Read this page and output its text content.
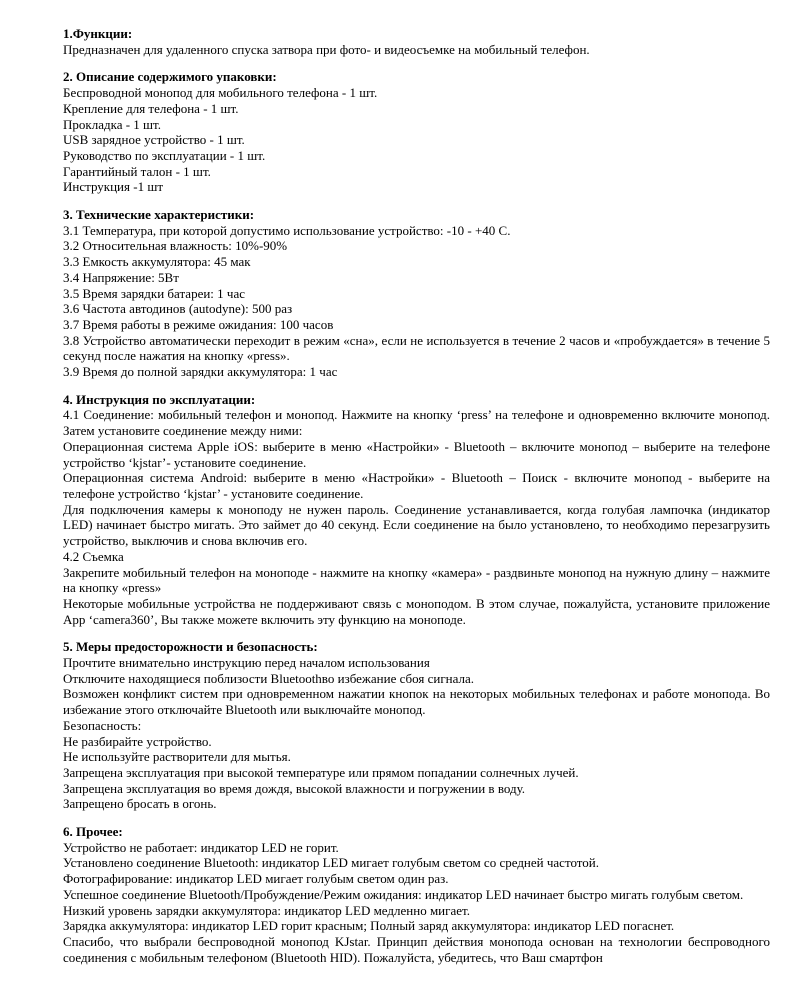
1.Функции:

Предназначен для удаленного спуска затвора при фото- и видеосъемке на мобильный телефон.

2. Описание содержимого упаковки:

Беспроводной монопод для мобильного телефона - 1 шт.

Крепление для телефона - 1 шт.

Прокладка - 1 шт.

USB зарядное устройство - 1 шт.

Руководство по эксплуатации - 1 шт.

Гарантийный талон - 1 шт.

Инструкция -1 шт

3. Технические характеристики:

3.1 Температура, при которой допустимо использование устройство: -10 - +40 С.

3.2 Относительная влажность: 10%-90%

3.3 Емкость аккумулятора: 45 мак

3.4 Напряжение: 5Вт

3.5 Время зарядки батареи: 1 час

3.6 Частота автодинов (autodyne): 500 раз

3.7 Время работы в режиме ожидания: 100 часов

3.8 Устройство автоматически переходит в режим «сна», если не используется в течение 2 часов и «пробуждается» в течение 5 секунд после нажатия на кнопку «press».

3.9 Время до полной зарядки аккумулятора: 1 час

4. Инструкция по эксплуатации:

4.1 Соединение: мобильный телефон и монопод. Нажмите на кнопку ‘press’ на телефоне и одновременно включите монопод. Затем установите соединение между ними:

Операционная система Apple iOS: выберите в меню «Настройки» - Bluetooth – включите монопод – выберите на телефоне устройство ‘kjstar’- установите соединение.

Операционная система Android: выберите в меню «Настройки» - Bluetooth – Поиск - включите монопод - выберите на телефоне устройство ‘kjstar’ - установите соединение.

Для подключения камеры к моноподу не нужен пароль. Соединение устанавливается, когда голубая лампочка (индикатор LED) начинает быстро мигать. Это займет до 40 секунд. Если соединение на было установлено, то необходимо перезагрузить устройство, выключив и снова включив его.

4.2 Съемка

Закрепите мобильный телефон на моноподе - нажмите на кнопку «камера» - раздвиньте монопод на нужную длину – нажмите на кнопку «press»

Некоторые мобильные устройства не поддерживают связь с моноподом. В этом случае, пожалуйста, установите приложение App ‘camera360’, Вы также можете включить эту функцию на моноподе.

5. Меры предосторожности и безопасность:

Прочтите внимательно инструкцию перед началом использования

Отключите находящиеся поблизости Bluetoothво избежание сбоя сигнала.

Возможен конфликт систем при одновременном нажатии кнопок на некоторых мобильных телефонах и работе монопода. Во избежание этого отключайте Bluetooth или выключайте монопод.

Безопасность:

Не разбирайте устройство.

Не используйте растворители для мытья.

Запрещена эксплуатация при высокой температуре или прямом попадании солнечных лучей.

Запрещена эксплуатация во время дождя, высокой влажности и погружении в воду.

Запрещено бросать в огонь.

6. Прочее:

Устройство не работает: индикатор LED не горит.

Установлено соединение Bluetooth: индикатор LED мигает голубым светом со средней частотой.

Фотографирование: индикатор LED мигает голубым светом один раз.

Успешное соединение Bluetooth/Пробуждение/Режим ожидания: индикатор LED начинает быстро мигать голубым светом.

Низкий уровень зарядки аккумулятора: индикатор LED медленно мигает.

Зарядка аккумулятора: индикатор LED горит красным; Полный заряд аккумулятора: индикатор LED погаснет.

Спасибо, что выбрали беспроводной монопод KJstar. Принцип действия монопода основан на технологии беспроводного соединения с мобильным телефоном (Bluetooth HID). Пожалуйста, убедитесь, что Ваш смартфон
